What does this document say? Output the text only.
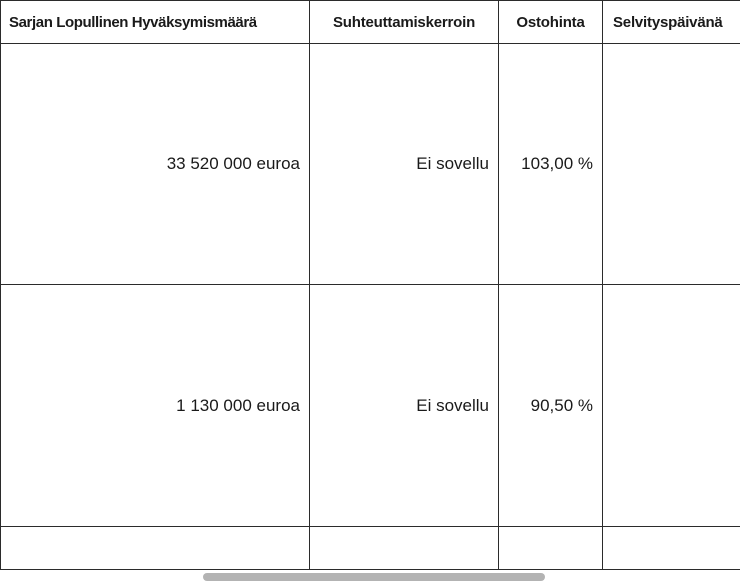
Sarjan Lopullinen Hyväksymismäärä	Suhteuttamiskerroin	Ostohinta	Selvityspäivänä
33 520 000 euroa	Ei sovellu	103,00 %	
1 130 000 euroa	Ei sovellu	90,50 %	
